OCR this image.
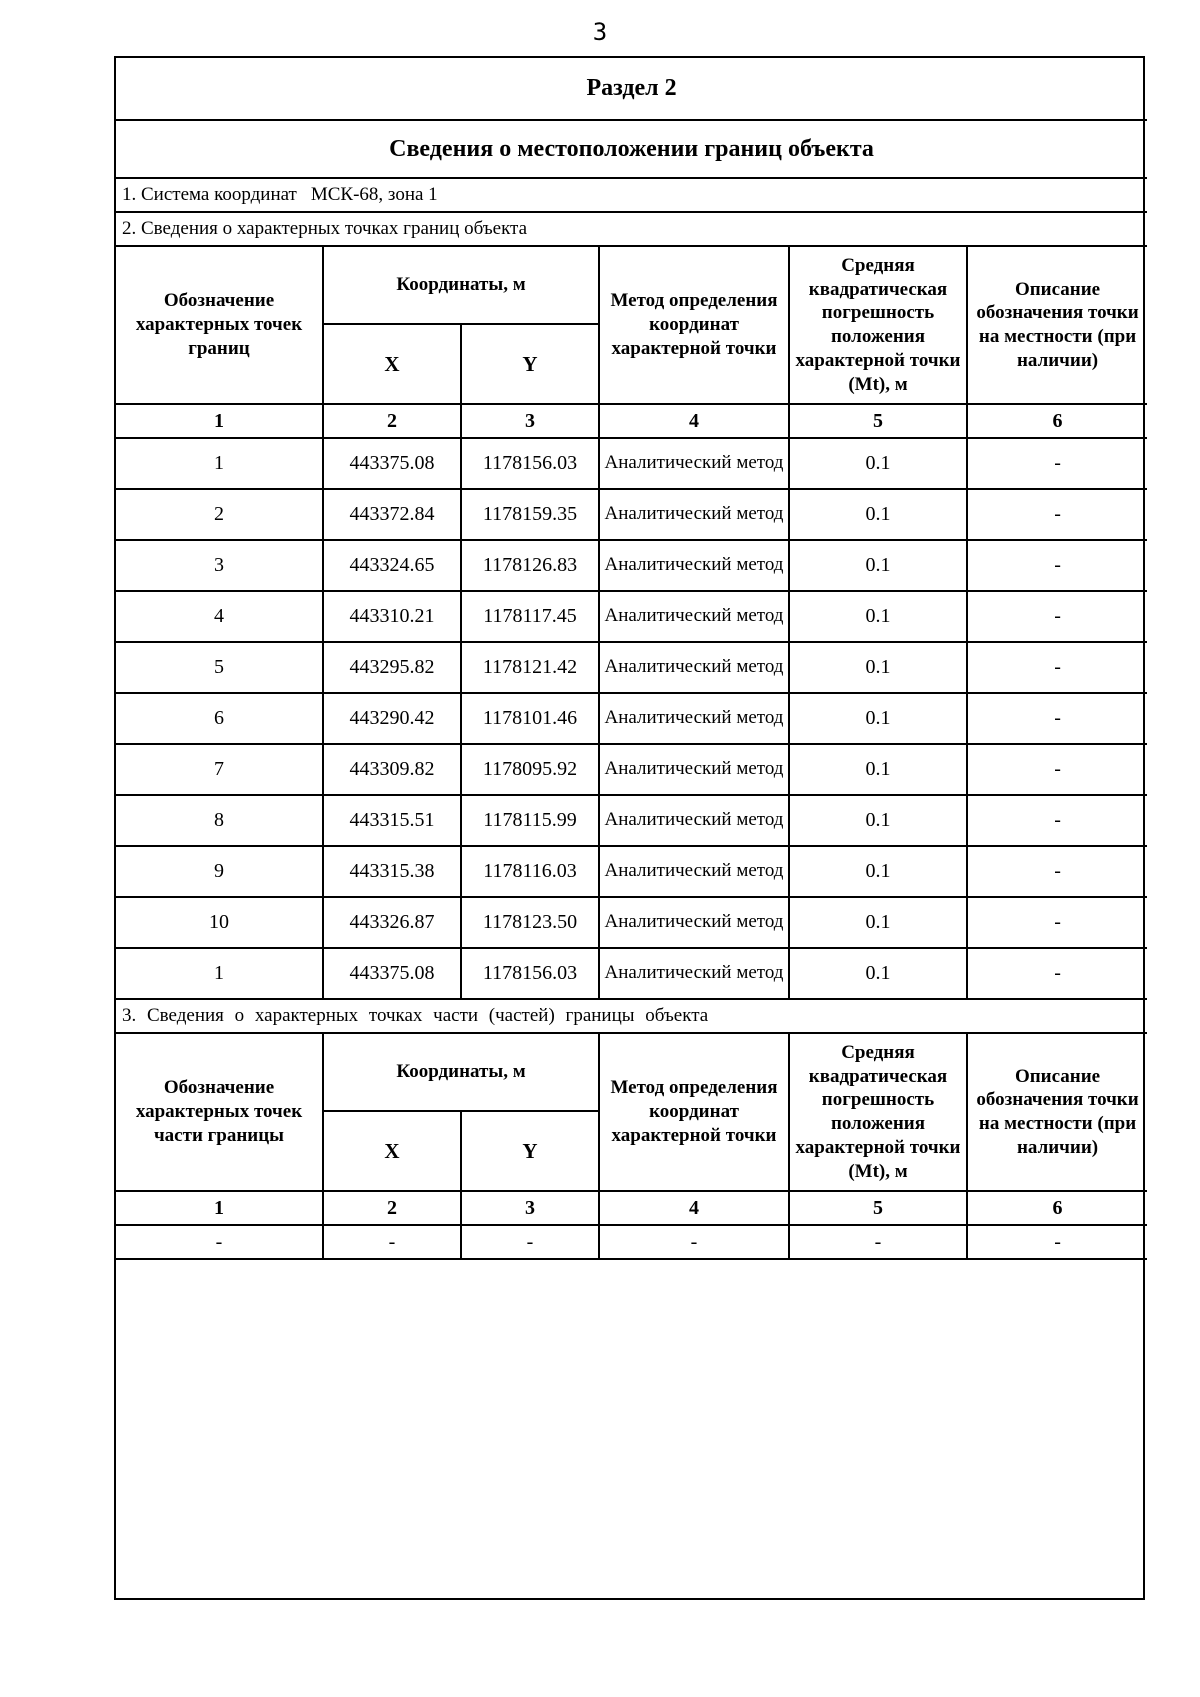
3
Раздел 2					
Сведения о местоположении границ объекта					
1. Система координат МСК-68, зона 1					
2. Сведения о характерных точках границ объекта					
Обозначение характерных точек границ	Координаты, м		Метод определения координат характерной точки	Средняя квадратическая погрешность положения характерной точки (Mt), м	Описание обозначения точки на местности (при наличии)
	X	Y			
1	2	3	4	5	6
1	443375.08	1178156.03	Аналитический метод	0.1	-
2	443372.84	1178159.35	Аналитический метод	0.1	-
3	443324.65	1178126.83	Аналитический метод	0.1	-
4	443310.21	1178117.45	Аналитический метод	0.1	-
5	443295.82	1178121.42	Аналитический метод	0.1	-
6	443290.42	1178101.46	Аналитический метод	0.1	-
7	443309.82	1178095.92	Аналитический метод	0.1	-
8	443315.51	1178115.99	Аналитический метод	0.1	-
9	443315.38	1178116.03	Аналитический метод	0.1	-
10	443326.87	1178123.50	Аналитический метод	0.1	-
1	443375.08	1178156.03	Аналитический метод	0.1	-
3. Сведения о характерных точках части (частей) границы объекта					
Обозначение характерных точек части границы	Координаты, м		Метод определения координат характерной точки	Средняя квадратическая погрешность положения характерной точки (Mt), м	Описание обозначения точки на местности (при наличии)
	X	Y			
1	2	3	4	5	6
-	-	-	-	-	-
